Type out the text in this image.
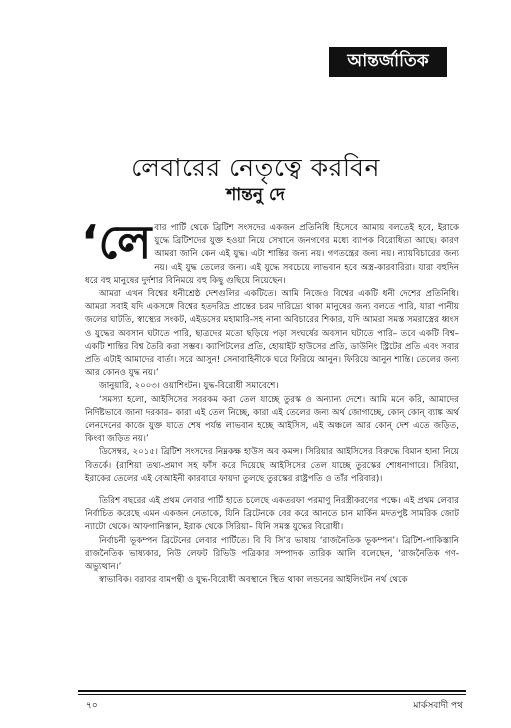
আন্তর্জাতিক
লেবারের নেতৃত্বে করবিন
শান্তনু দে

‘লেবার পার্টি থেকে ব্রিটিশ সংসদের একজন প্রতিনিধি হিসেবে আমায় বলতেই হবে, ইরাকে যুদ্ধে ব্রিটিশদের যুক্ত হওয়া নিয়ে সেখানে জনগণের মধ্যে ব্যাপক বিরোধিতা আছে। কারণ আমরা জানি কেন এই যুদ্ধ। এটা শান্তির জন্য নয়। গণতন্ত্রের জন্য নয়। ন্যায়বিচারের জন্য নয়। এই যুদ্ধ তেলের জন্য। এই যুদ্ধে সবচেয়ে লাভবান হবে অস্ত্র-কারবারিরা। যারা বহুদিন ধরে বহু মানুষের দুর্দশার বিনিময়ে বহু কিছু গুছিয়ে নিয়েছেন।

আমরা এখন বিশ্বের ধনীশ্রেষ্ঠ দেশগুলির একটিতে। আমি নিজেও বিশ্বের একটি ধনী দেশের প্রতিনিধি। আমরা সবাই যদি একসঙ্গে বিশ্বের হতদরিদ্র প্রান্তের চরম দারিদ্র্যে থাকা মানুষের জন্য বলতে পারি, যারা পানীয় জলের ঘাটতি, স্বাস্থ্যের সংকট, এইডসের মহামারি-সহ নানা অবিচারের শিকার, যদি আমরা সমস্ত সমরাস্ত্রের ধ্বংস ও যুদ্ধের অবসান ঘটাতে পারি, ছাত্রদের মতো ছড়িয়ে পড়া সংঘর্ষের অবসান ঘটাতে পারি– তবে একটি বিশ্ব– একটি শান্তির বিশ্ব তৈরি করা সম্ভব। ক্যাপিটলের প্রতি, হোয়াইট হাউসের প্রতি, ডাউনিং স্ট্রিটের প্রতি এবং সবার প্রতি এটাই আমাদের বার্তা। সরে আসুন! সেনাবাহিনীকে ঘরে ফিরিয়ে আনুন। ফিরিয়ে আনুন শান্তি। তেলের জন্য আর কোনও যুদ্ধ নয়।’

জানুয়ারি, ২০০৩। ওয়াশিংটন। যুদ্ধ-বিরোধী সমাবেশে।

‘সমস্যা হলো, আইসিসের সবরকম করা তেল যাচ্ছে তুরস্ক ও অন্যান্য দেশে। আমি মনে করি, আমাদের নির্দিষ্টভাবে জানা দরকার– কারা এই তেল নিচ্ছে, কারা এই তেলের জন্য অর্থ জোগাচ্ছে, কোন্‌ কোন্‌ ব্যাঙ্ক অর্থ লেনদেনের কাজে যুক্ত যাতে শেষ পর্যন্ত লাভবান হচ্ছে আইসিস, এই অঞ্চলে আর কোন্‌ দেশ এতে জড়িত, কিংবা জড়িত নয়।’

ডিসেম্বর, ২০১৫। ব্রিটিশ সংসদের নিম্নকক্ষ হাউস অব কমন্স। সিরিয়ার আইসিসের বিরুদ্ধে বিমান হানা নিয়ে বিতর্কে। (রাশিয়া তথ্য-প্রমাণ সহ ফাঁস করে দিয়েছে আইসিসের তেল যাচ্ছে তুরস্কের শোধনাগারে। সিরিয়া, ইরাকের তেলের এই বেআইনী কারবারে ফায়দা তুলছে তুরস্কের রাষ্ট্রপতি ও তাঁর পরিবার)।

তিরিশ বছরের এই প্রথম লেবার পার্টি হাতে চলেছে একতরফা পরমাণু নিরস্ত্রীকরণের পক্ষে। এই প্রথম লেবার নির্বাচিত করেছে এমন একজন নেতাকে, যিনি ব্রিটেনকে বের করে আনতে চান মার্কিন মদতপুষ্ট সামরিক জোট ন্যাটো থেকে। আফগানিস্তান, ইরাক থেকে সিরিয়া– যিনি সমস্ত যুদ্ধের বিরোধী।

নির্বাচনী ভূকম্পন ব্রিটেনের লেবার পার্টিতে। বি বি সি’র ভাষায় ‘রাজনৈতিক ভূকম্পন’। ব্রিটিশ-পাকিস্তানি রাজনৈতিক ভাষ্যকার, নিউ লেফট রিভিউ পত্রিকার সম্পাদক তারিক আলি বলেছেন, ‘রাজনৈতিক গণ-অভ্যুত্থান।’

স্বাভাবিক। বরাবর বামপন্থী ও যুদ্ধ-বিরোধী অবস্থানে স্থিত থাকা লন্ডনের আইলিংটন নর্থ থেকে

৭০	মার্কসবাদী পথ
